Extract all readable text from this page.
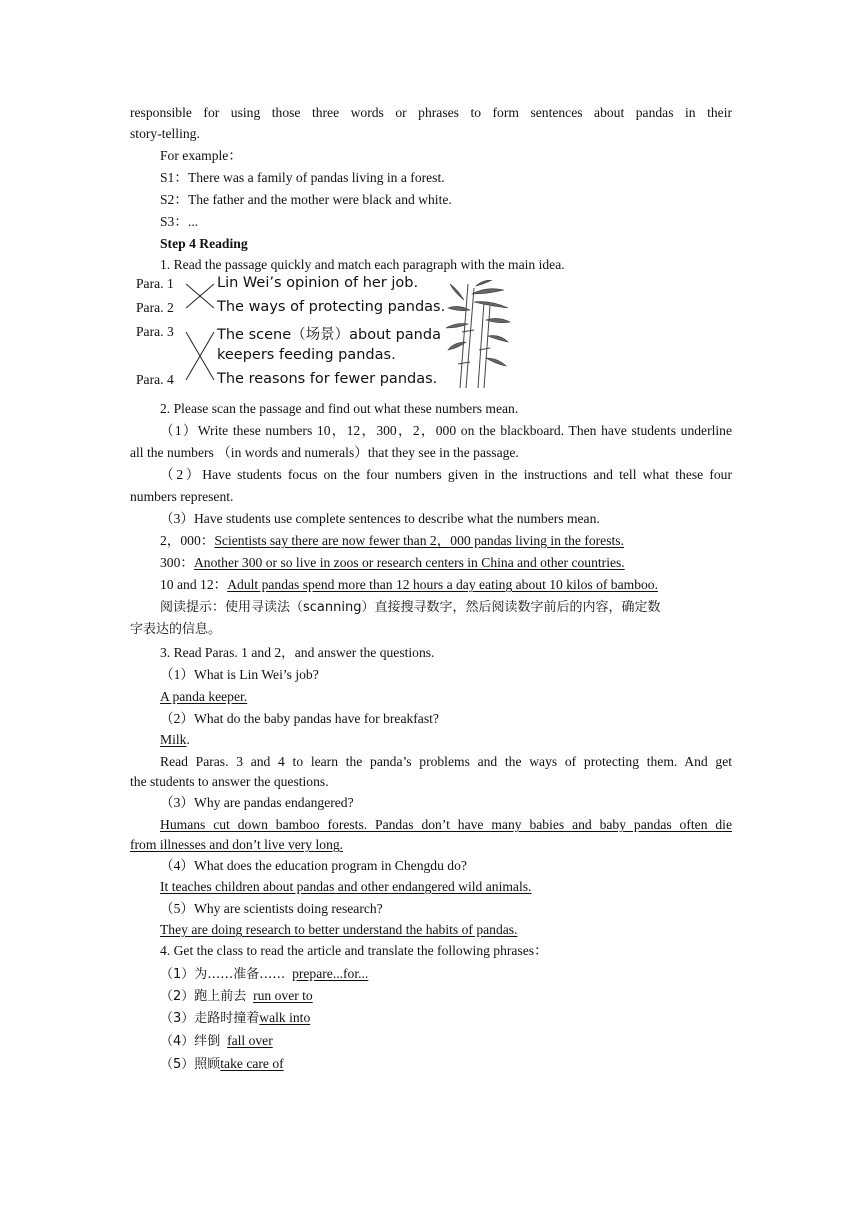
responsible for using those three words or phrases to form sentences about pandas in their
story-telling.
For example：
S1：There was a family of pandas living in a forest.
S2：The father and the mother were black and white.
S3：...
Step 4 Reading
1. Read the passage quickly and match each paragraph with the main idea.
Para. 1
Para. 2
Para. 3
Para. 4
Lin Wei’s opinion of her job.
The ways of protecting pandas.
The scene（场景）about panda
keepers feeding pandas.
The reasons for fewer pandas.
2. Please scan the passage and find out what these numbers mean.
（1）Write these numbers 10，12，300，2，000 on the blackboard. Then have students underline
all the numbers （in words and numerals）that they see in the passage.
（2）Have students focus on the four numbers given in the instructions and tell what these four
numbers represent.
（3）Have students use complete sentences to describe what the numbers mean.
2，000：Scientists say there are now fewer than 2，000 pandas living in the forests.
300：Another 300 or so live in zoos or research centers in China and other countries.
10 and 12：Adult pandas spend more than 12 hours a day eating about 10 kilos of bamboo.
阅读提示：使用寻读法（scanning）直接搜寻数字，然后阅读数字前后的内容，确定数
字表达的信息。
3. Read Paras. 1 and 2，and answer the questions.
（1）What is Lin Wei’s job?
A panda keeper.
（2）What do the baby pandas have for breakfast?
Milk.
Read Paras. 3 and 4 to learn the panda’s problems and the ways of protecting them. And get
the students to answer the questions.
（3）Why are pandas endangered?
Humans cut down bamboo forests. Pandas don’t have many babies and baby pandas often die
from illnesses and don’t live very long.
（4）What does the education program in Chengdu do?
It teaches children about pandas and other endangered wild animals.
（5）Why are scientists doing research?
They are doing research to better understand the habits of pandas.
4. Get the class to read the article and translate the following phrases：
（1）为……准备…… prepare...for...
（2）跑上前去 run over to
（3）走路时撞着walk into
（4）绊倒 fall over
（5）照顾take care of
